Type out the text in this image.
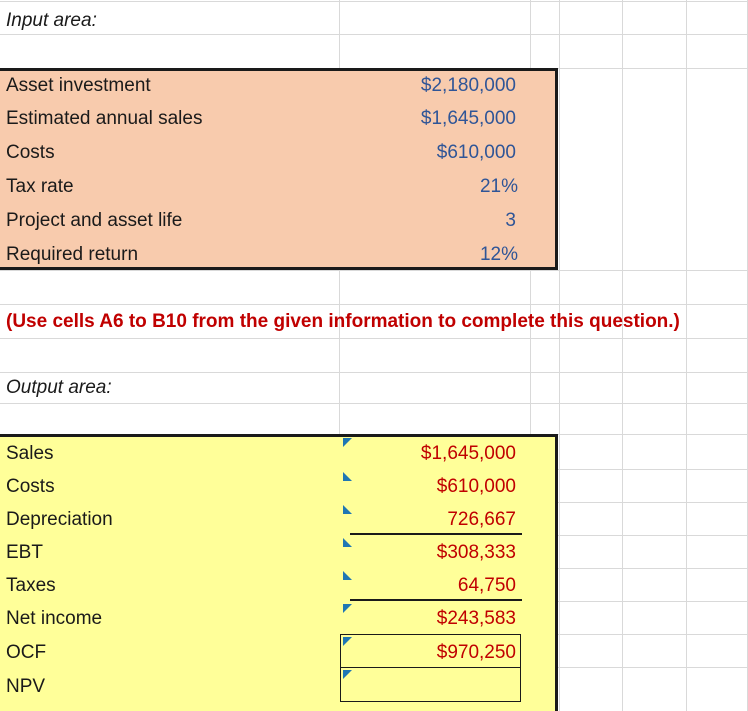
Input area:
Asset investment	$2,180,000
Estimated annual sales	$1,645,000
Costs	$610,000
Tax rate	21%
Project and asset life	3
Required return	12%
(Use cells A6 to B10 from the given information to complete this question.)
Output area:
Sales	$1,645,000
Costs	$610,000
Depreciation	726,667
EBT	$308,333
Taxes	64,750
Net income	$243,583
OCF	$970,250
NPV
